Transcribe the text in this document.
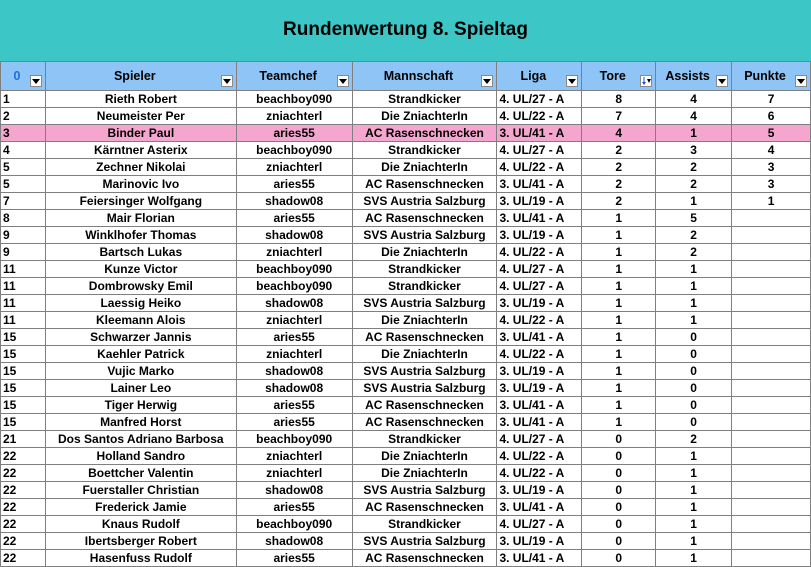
Rundenwertung 8. Spieltag
0	Spieler	Teamchef	Mannschaft	Liga	Tore	Assists	Punkte

1	Rieth Robert	beachboy090	Strandkicker	4. UL/27 - A	8	4	7
2	Neumeister Per	zniachterl	Die ZniachterIn	4. UL/22 - A	7	4	6
3	Binder Paul	aries55	AC Rasenschnecken	3. UL/41 - A	4	1	5
4	Kärntner Asterix	beachboy090	Strandkicker	4. UL/27 - A	2	3	4
5	Zechner Nikolai	zniachterl	Die ZniachterIn	4. UL/22 - A	2	2	3
5	Marinovic Ivo	aries55	AC Rasenschnecken	3. UL/41 - A	2	2	3
7	Feiersinger Wolfgang	shadow08	SVS Austria Salzburg	3. UL/19 - A	2	1	1
8	Mair Florian	aries55	AC Rasenschnecken	3. UL/41 - A	1	5	
9	Winklhofer Thomas	shadow08	SVS Austria Salzburg	3. UL/19 - A	1	2	
9	Bartsch Lukas	zniachterl	Die ZniachterIn	4. UL/22 - A	1	2	
11	Kunze Victor	beachboy090	Strandkicker	4. UL/27 - A	1	1	
11	Dombrowsky Emil	beachboy090	Strandkicker	4. UL/27 - A	1	1	
11	Laessig Heiko	shadow08	SVS Austria Salzburg	3. UL/19 - A	1	1	
11	Kleemann Alois	zniachterl	Die ZniachterIn	4. UL/22 - A	1	1	
15	Schwarzer Jannis	aries55	AC Rasenschnecken	3. UL/41 - A	1	0	
15	Kaehler Patrick	zniachterl	Die ZniachterIn	4. UL/22 - A	1	0	
15	Vujic Marko	shadow08	SVS Austria Salzburg	3. UL/19 - A	1	0	
15	Lainer Leo	shadow08	SVS Austria Salzburg	3. UL/19 - A	1	0	
15	Tiger Herwig	aries55	AC Rasenschnecken	3. UL/41 - A	1	0	
15	Manfred Horst	aries55	AC Rasenschnecken	3. UL/41 - A	1	0	
21	Dos Santos Adriano Barbosa	beachboy090	Strandkicker	4. UL/27 - A	0	2	
22	Holland Sandro	zniachterl	Die ZniachterIn	4. UL/22 - A	0	1	
22	Boettcher Valentin	zniachterl	Die ZniachterIn	4. UL/22 - A	0	1	
22	Fuerstaller Christian	shadow08	SVS Austria Salzburg	3. UL/19 - A	0	1	
22	Frederick Jamie	aries55	AC Rasenschnecken	3. UL/41 - A	0	1	
22	Knaus Rudolf	beachboy090	Strandkicker	4. UL/27 - A	0	1	
22	Ibertsberger Robert	shadow08	SVS Austria Salzburg	3. UL/19 - A	0	1	
22	Hasenfuss Rudolf	aries55	AC Rasenschnecken	3. UL/41 - A	0	1	
